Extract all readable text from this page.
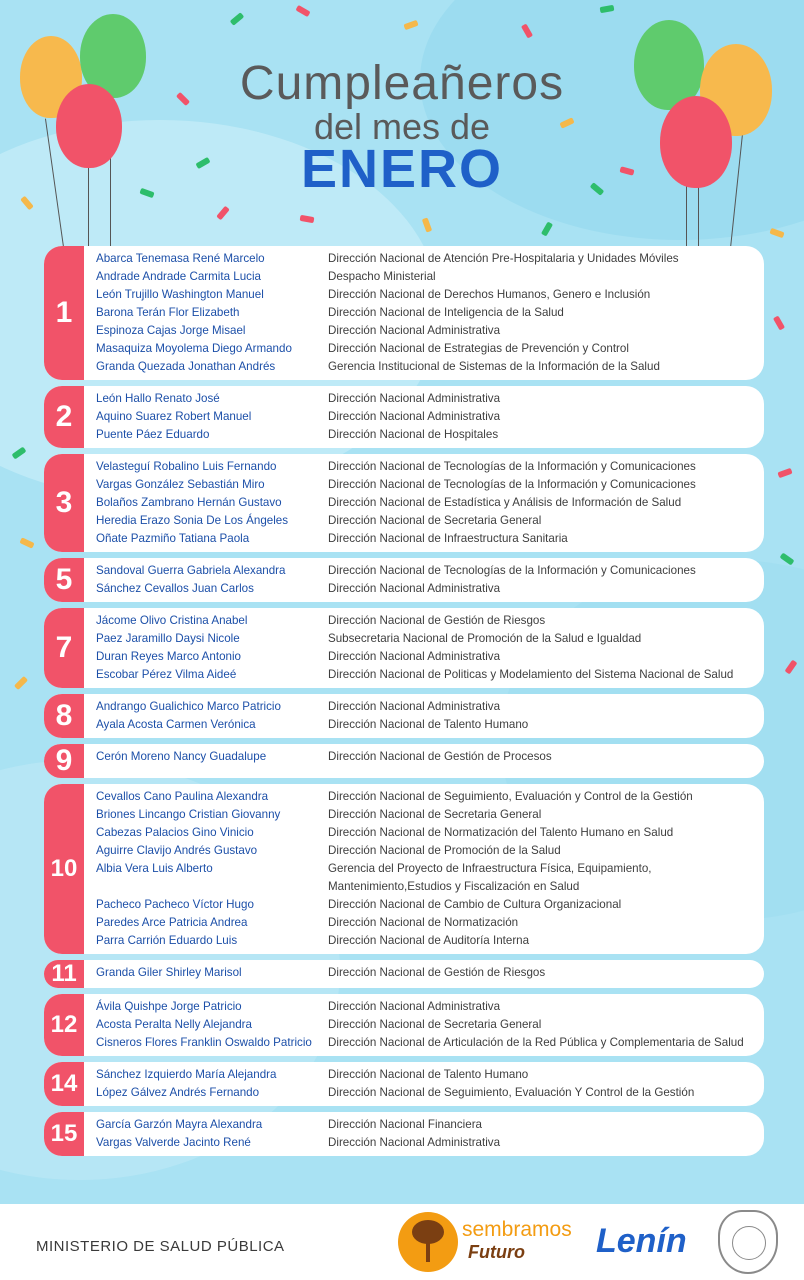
Cumpleañeros
del mes de
ENERO
1
Abarca Tenemasa René Marcelo	Dirección Nacional de Atención Pre-Hospitalaria y Unidades Móviles
Andrade Andrade Carmita Lucia	Despacho Ministerial
León Trujillo Washington Manuel	Dirección Nacional de Derechos Humanos, Genero e Inclusión
Barona Terán Flor Elizabeth	Dirección Nacional de Inteligencia de la Salud
Espinoza Cajas Jorge Misael	Dirección Nacional Administrativa
Masaquiza Moyolema Diego Armando	Dirección Nacional de Estrategias de Prevención y Control
Granda Quezada Jonathan Andrés	Gerencia Institucional de Sistemas de la Información de la Salud
2
León Hallo Renato José	Dirección Nacional Administrativa
Aquino Suarez Robert Manuel	Dirección Nacional Administrativa
Puente Páez Eduardo	Dirección Nacional de Hospitales
3
Velasteguí Robalino Luis Fernando	Dirección Nacional de Tecnologías de la Información y Comunicaciones
Vargas González Sebastián Miro	Dirección Nacional de Tecnologías de la Información y Comunicaciones
Bolaños Zambrano Hernán Gustavo	Dirección Nacional de Estadística y Análisis de Información de Salud
Heredia Erazo Sonia De Los Ángeles	Dirección Nacional de Secretaria General
Oñate Pazmiño Tatiana Paola	Dirección Nacional de Infraestructura Sanitaria
5	Sandoval Guerra Gabriela Alexandra	Dirección Nacional de Tecnologías de la Información y Comunicaciones
Sánchez Cevallos Juan Carlos	Dirección Nacional Administrativa
7
Jácome Olivo Cristina Anabel	Dirección Nacional de Gestión de Riesgos
Paez Jaramillo Daysi Nicole	Subsecretaria Nacional de Promoción de la Salud e Igualdad
Duran Reyes Marco Antonio	Dirección Nacional Administrativa
Escobar Pérez Vilma Aideé	Dirección Nacional de Politicas y Modelamiento del Sistema Nacional de Salud
8	Andrango Gualichico Marco Patricio	Dirección Nacional Administrativa
Ayala Acosta Carmen Verónica	Dirección Nacional de Talento Humano
9	Cerón Moreno Nancy Guadalupe	Dirección Nacional de Gestión de Procesos
10
Cevallos Cano Paulina Alexandra	Dirección Nacional de Seguimiento, Evaluación y Control de la Gestión
Briones Lincango Cristian Giovanny	Dirección Nacional de Secretaria General
Cabezas Palacios Gino Vinicio	Dirección Nacional de Normatización del Talento Humano en Salud
Aguirre Clavijo Andrés Gustavo	Dirección Nacional de Promoción de la Salud
Albia Vera Luis Alberto	Gerencia del Proyecto de Infraestructura Física, Equipamiento,
Mantenimiento,Estudios y Fiscalización en Salud
Pacheco Pacheco Víctor Hugo	Dirección Nacional de Cambio de Cultura Organizacional
Paredes Arce Patricia Andrea	Dirección Nacional de Normatización
Parra Carrión Eduardo Luis	Dirección Nacional de Auditoría Interna
11	Granda Giler Shirley Marisol	Dirección Nacional de Gestión de Riesgos
12
Ávila Quishpe Jorge Patricio	Dirección Nacional Administrativa
Acosta Peralta Nelly Alejandra	Dirección Nacional de Secretaria General
Cisneros Flores Franklin Oswaldo Patricio	Dirección Nacional de Articulación de la Red Pública y Complementaria de Salud
14	Sánchez Izquierdo María Alejandra	Dirección Nacional de Talento Humano
López Gálvez Andrés Fernando	Dirección Nacional de Seguimiento, Evaluación Y Control de la Gestión
15	García Garzón Mayra Alexandra	Dirección Nacional Financiera
Vargas Valverde Jacinto René	Dirección Nacional Administrativa
MINISTERIO DE SALUD PÚBLICA
sembramos
Futuro Lenín
